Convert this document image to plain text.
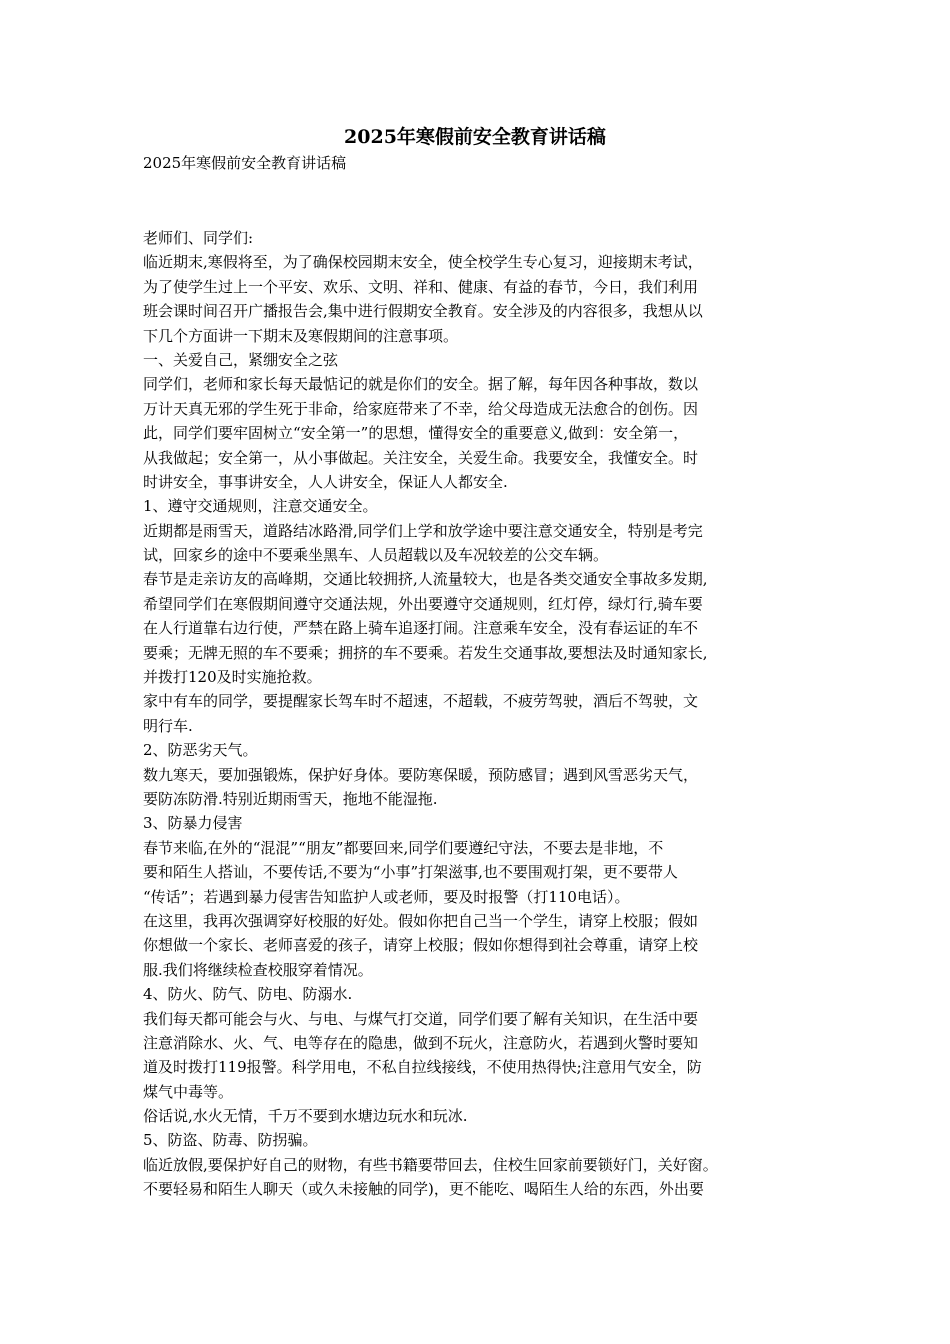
2025年寒假前安全教育讲话稿
2025年寒假前安全教育讲话稿
老师们、同学们:
临近期末,寒假将至，为了确保校园期末安全，使全校学生专心复习，迎接期末考试，
为了使学生过上一个平安、欢乐、文明、祥和、健康、有益的春节，今日，我们利用
班会课时间召开广播报告会,集中进行假期安全教育。安全涉及的内容很多，我想从以
下几个方面讲一下期末及寒假期间的注意事项。
一、关爱自己，紧绷安全之弦
同学们，老师和家长每天最惦记的就是你们的安全。据了解，每年因各种事故，数以
万计天真无邪的学生死于非命，给家庭带来了不幸，给父母造成无法愈合的创伤。因
此，同学们要牢固树立“安全第一”的思想，懂得安全的重要意义,做到：安全第一，
从我做起；安全第一，从小事做起。关注安全，关爱生命。我要安全，我懂安全。时
时讲安全，事事讲安全，人人讲安全，保证人人都安全.
1、遵守交通规则，注意交通安全。
近期都是雨雪天，道路结冰路滑,同学们上学和放学途中要注意交通安全，特别是考完
试，回家乡的途中不要乘坐黑车、人员超载以及车况较差的公交车辆。
春节是走亲访友的高峰期，交通比较拥挤,人流量较大，也是各类交通安全事故多发期,
希望同学们在寒假期间遵守交通法规，外出要遵守交通规则，红灯停，绿灯行,骑车要
在人行道靠右边行使，严禁在路上骑车追逐打闹。注意乘车安全，没有春运证的车不
要乘；无牌无照的车不要乘；拥挤的车不要乘。若发生交通事故,要想法及时通知家长,
并拨打120及时实施抢救。
家中有车的同学，要提醒家长驾车时不超速，不超载，不疲劳驾驶，酒后不驾驶，文
明行车.
2、防恶劣天气。
数九寒天，要加强锻炼，保护好身体。要防寒保暖，预防感冒；遇到风雪恶劣天气，
要防冻防滑.特别近期雨雪天，拖地不能湿拖.
3、防暴力侵害
春节来临,在外的“混混”“朋友”都要回来,同学们要遵纪守法，不要去是非地，不
要和陌生人搭讪，不要传话,不要为“小事”打架滋事,也不要围观打架，更不要带人
“传话”；若遇到暴力侵害告知监护人或老师，要及时报警（打110电话）。
在这里，我再次强调穿好校服的好处。假如你把自己当一个学生，请穿上校服；假如
你想做一个家长、老师喜爱的孩子，请穿上校服；假如你想得到社会尊重，请穿上校
服.我们将继续检查校服穿着情况。
4、防火、防气、防电、防溺水.
我们每天都可能会与火、与电、与煤气打交道，同学们要了解有关知识，在生活中要
注意消除水、火、气、电等存在的隐患，做到不玩火，注意防火，若遇到火警时要知
道及时拨打119报警。科学用电，不私自拉线接线，不使用热得快;注意用气安全，防
煤气中毒等。
俗话说,水火无情，千万不要到水塘边玩水和玩冰.
5、防盗、防毒、防拐骗。
临近放假,要保护好自己的财物，有些书籍要带回去，住校生回家前要锁好门，关好窗。
不要轻易和陌生人聊天（或久未接触的同学)，更不能吃、喝陌生人给的东西，外出要
